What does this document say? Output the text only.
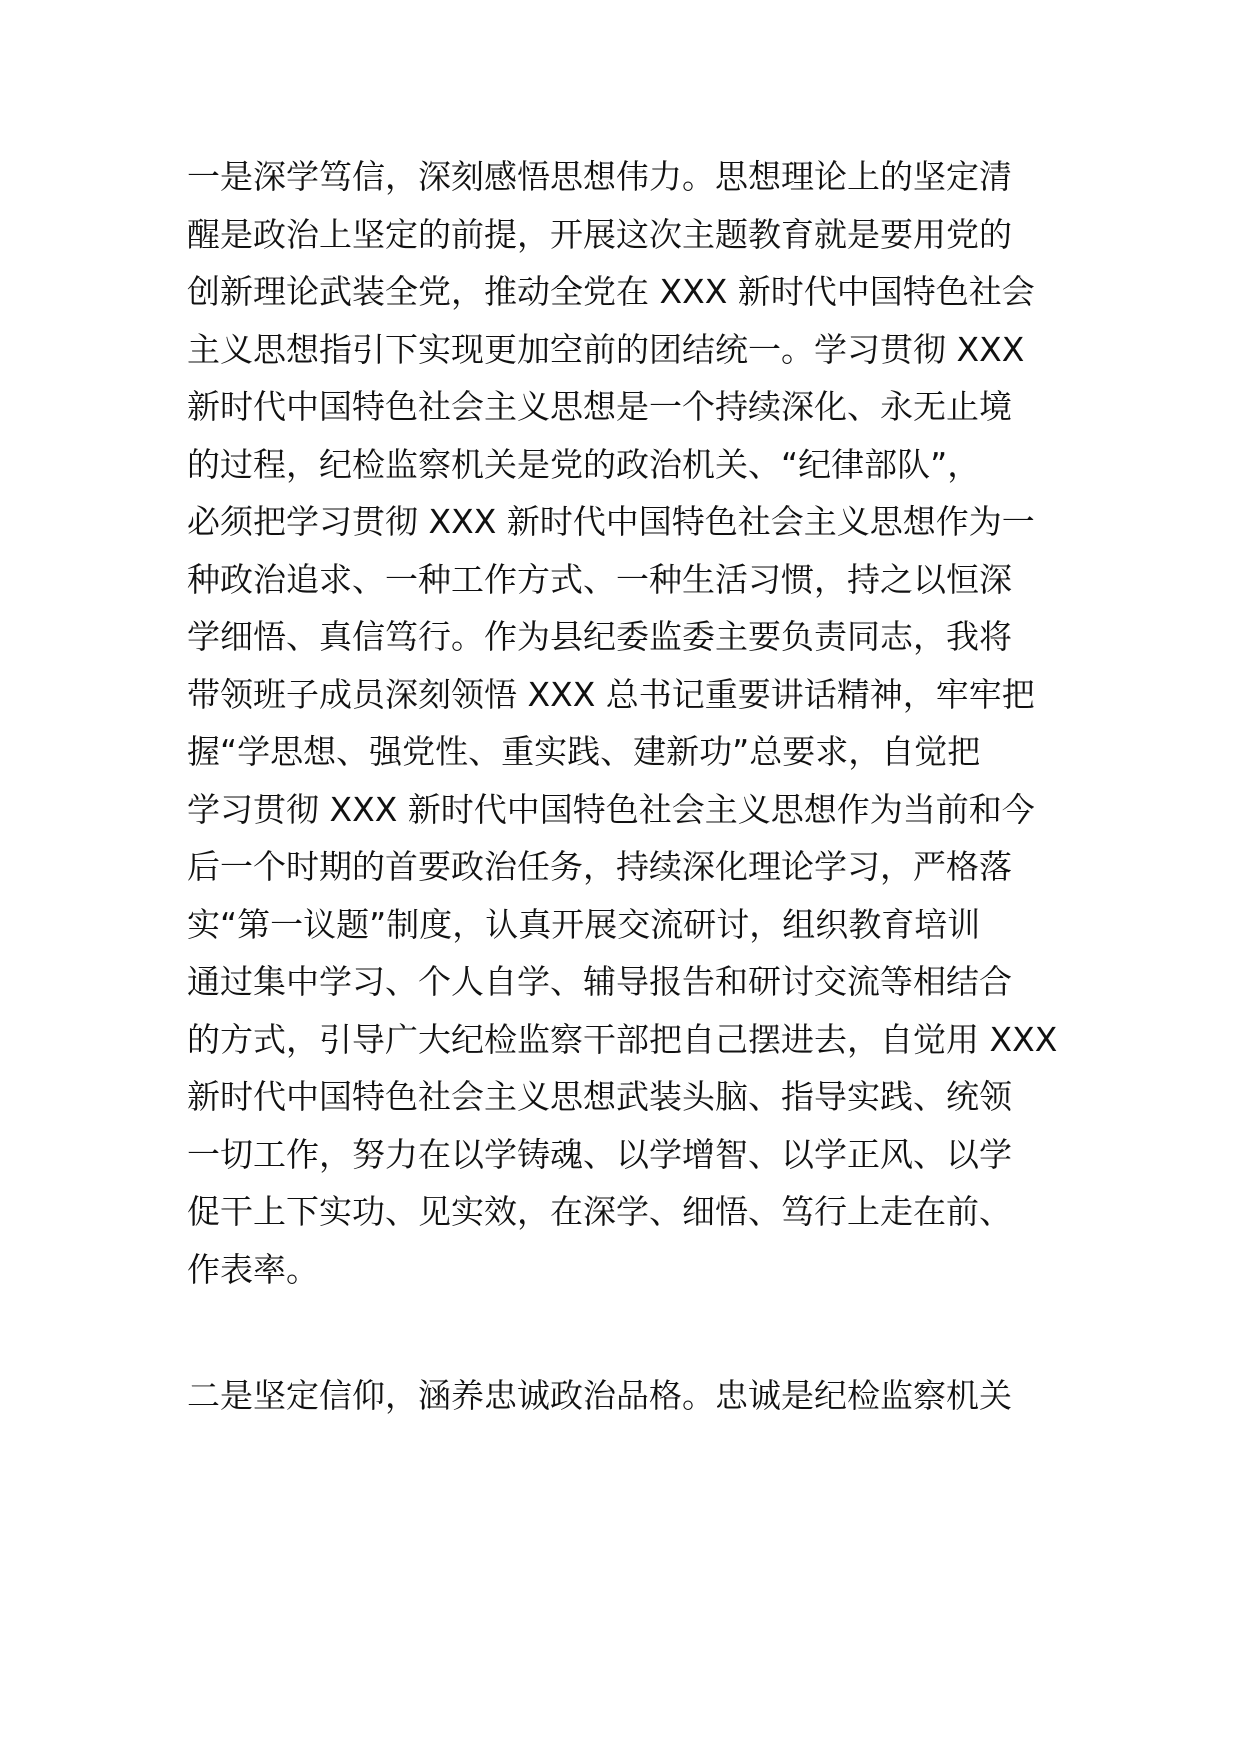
一是深学笃信，深刻感悟思想伟力。思想理论上的坚定清
醒是政治上坚定的前提，开展这次主题教育就是要用党的
创新理论武装全党，推动全党在 XXX 新时代中国特色社会
主义思想指引下实现更加空前的团结统一。学习贯彻 XXX
新时代中国特色社会主义思想是一个持续深化、永无止境
的过程，纪检监察机关是党的政治机关、“纪律部队”，
必须把学习贯彻 XXX 新时代中国特色社会主义思想作为一
种政治追求、一种工作方式、一种生活习惯，持之以恒深
学细悟、真信笃行。作为县纪委监委主要负责同志，我将
带领班子成员深刻领悟 XXX 总书记重要讲话精神，牢牢把
握“学思想、强党性、重实践、建新功”总要求，自觉把
学习贯彻 XXX 新时代中国特色社会主义思想作为当前和今
后一个时期的首要政治任务，持续深化理论学习，严格落
实“第一议题”制度，认真开展交流研讨，组织教育培训
通过集中学习、个人自学、辅导报告和研讨交流等相结合
的方式，引导广大纪检监察干部把自己摆进去，自觉用 XXX
新时代中国特色社会主义思想武装头脑、指导实践、统领
一切工作，努力在以学铸魂、以学增智、以学正风、以学
促干上下实功、见实效，在深学、细悟、笃行上走在前、
作表率。
二是坚定信仰，涵养忠诚政治品格。忠诚是纪检监察机关
